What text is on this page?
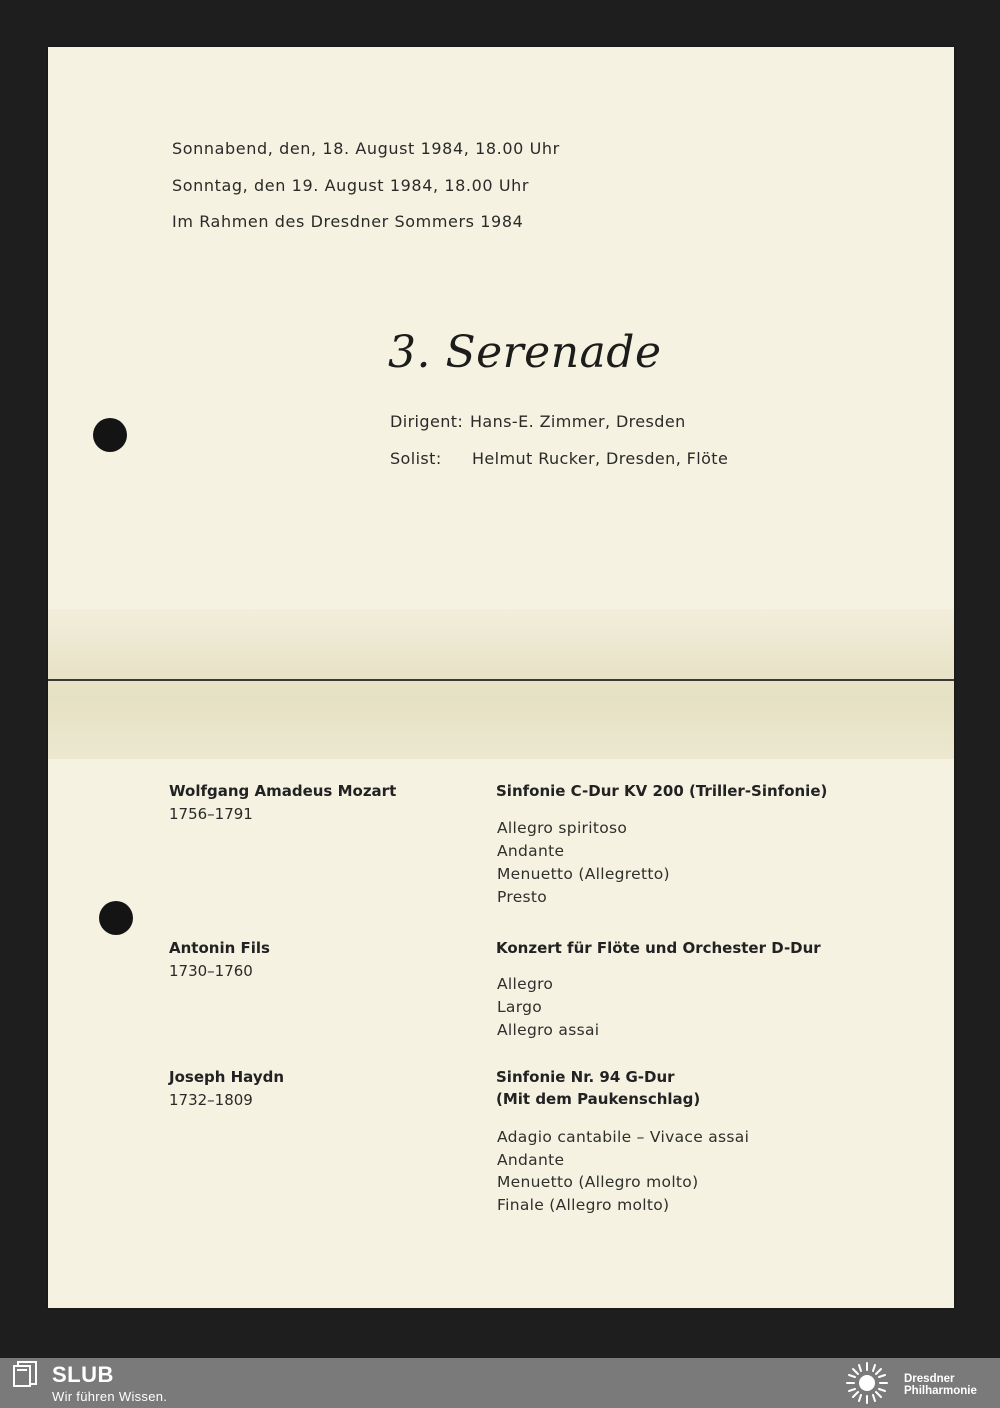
Sonnabend, den, 18. August 1984, 18.00 Uhr
Sonntag, den 19. August 1984, 18.00 Uhr
Im Rahmen des Dresdner Sommers 1984
3. Serenade
Dirigent: Hans-E. Zimmer, Dresden
Solist: Helmut Rucker, Dresden, Flöte
Wolfgang Amadeus Mozart
1756–1791
Sinfonie C-Dur KV 200 (Triller-Sinfonie)
Allegro spiritoso
Andante
Menuetto (Allegretto)
Presto
Antonin Fils
1730–1760
Konzert für Flöte und Orchester D-Dur
Allegro
Largo
Allegro assai
Joseph Haydn
1732–1809
Sinfonie Nr. 94 G-Dur
(Mit dem Paukenschlag)
Adagio cantabile – Vivace assai
Andante
Menuetto (Allegro molto)
Finale (Allegro molto)
SLUB
Wir führen Wissen.
Dresdner
Philharmonie
